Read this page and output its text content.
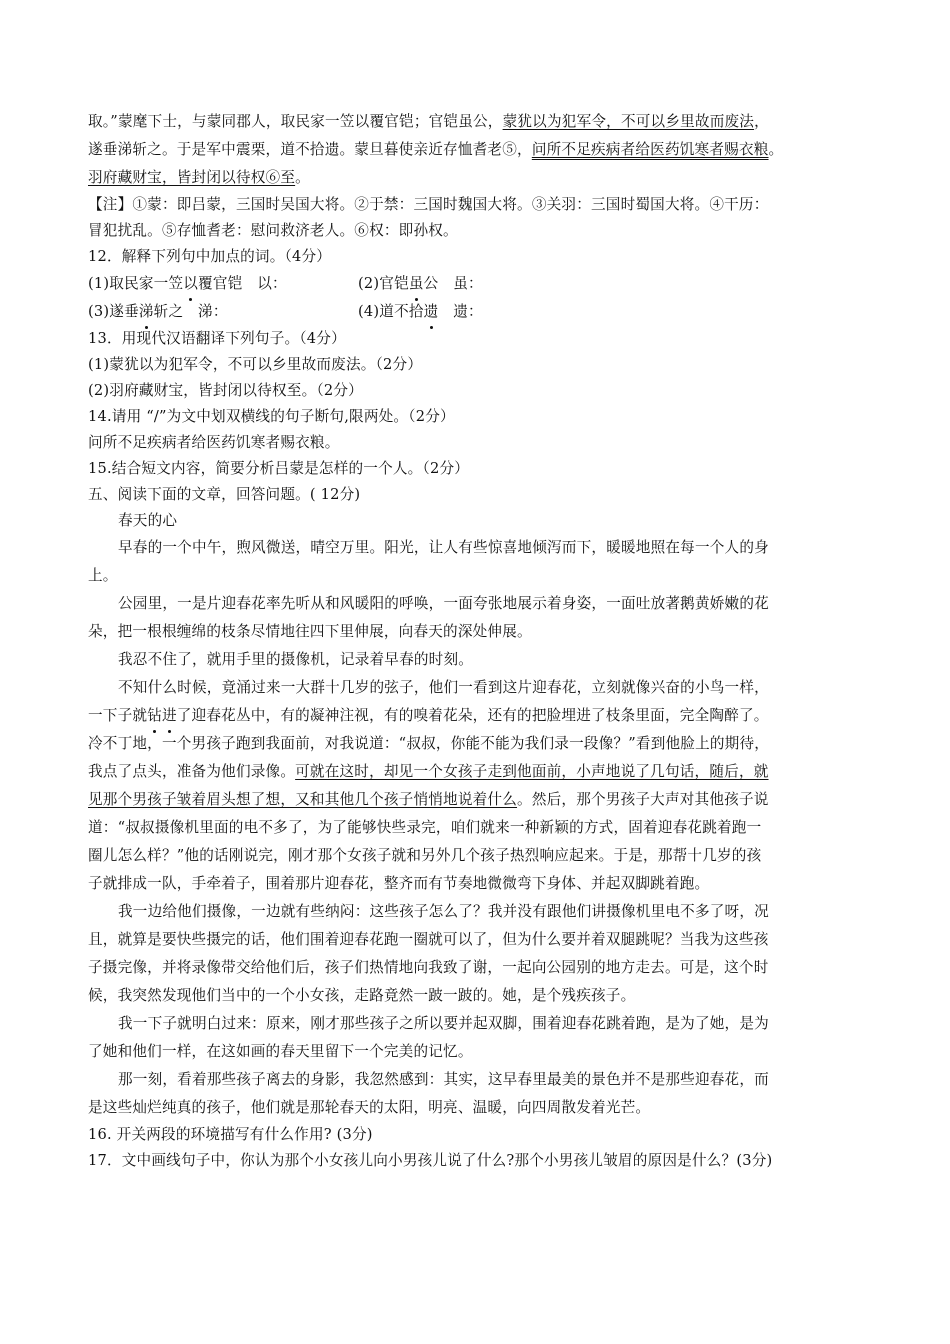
取。”蒙麾下士，与蒙同郡人，取民家一笠以覆官铠；官铠虽公，蒙犹以为犯军令，不可以乡里故而废法，
遂垂涕斩之。于是军中震栗，道不拾遗。蒙旦暮使亲近存恤耆老⑤，问所不足疾病者给医药饥寒者赐衣粮。
羽府藏财宝，皆封闭以待权⑥至。
【注】①蒙：即吕蒙，三国时吴国大将。②于禁：三国时魏国大将。③关羽：三国时蜀国大将。④干历：
冒犯扰乱。⑤存恤耆老：慰问救济老人。⑥权：即孙权。
12．解释下列句中加点的词。（4分）
(1)取民家一笠以覆官铠　以：	(2)官铠虽公　虽：
(3)遂垂涕斩之　涕：	(4)道不拾遗　遗：
13．用现代汉语翻译下列句子。（4分）
(1)蒙犹以为犯军令，不可以乡里故而废法。（2分）
(2)羽府藏财宝，皆封闭以待权至。（2分）
14.请用 “/”为文中划双横线的句子断句,限两处。（2分）
问所不足疾病者给医药饥寒者赐衣粮。
15.结合短文内容，简要分析吕蒙是怎样的一个人。（2分）
五、阅读下面的文章，回答问题。( 12分)
春天的心
早春的一个中午，煦风微送，晴空万里。阳光，让人有些惊喜地倾泻而下，暖暖地照在每一个人的身
上。
公园里，一是片迎春花率先听从和风暖阳的呼唤，一面夸张地展示着身姿，一面吐放著鹅黄娇嫩的花
朵，把一根根缠绵的枝条尽情地往四下里伸展，向春天的深处伸展。
我忍不住了，就用手里的摄像机，记录着早春的时刻。
不知什么时候，竟涌过来一大群十几岁的弦子，他们一看到这片迎春花，立刻就像兴奋的小鸟一样，
一下子就钻进了迎春花丛中，有的凝神注视，有的嗅着花朵，还有的把脸埋进了枝条里面，完全陶醉了。
冷不丁地，一个男孩子跑到我面前，对我说道：“叔叔，你能不能为我们录一段像？”看到他脸上的期待，
我点了点头，准备为他们录像。可就在这时，却见一个女孩子走到他面前，小声地说了几句话，随后，就
见那个男孩子皱着眉头想了想，又和其他几个孩子悄悄地说着什么。然后，那个男孩子大声对其他孩子说
道：“叔叔摄像机里面的电不多了，为了能够快些录完，咱们就来一种新颖的方式，固着迎春花跳着跑一
圈儿怎么样？”他的话刚说完，刚才那个女孩子就和另外几个孩子热烈响应起来。于是，那帮十几岁的孩
子就排成一队，手牵着子，围着那片迎春花，整齐而有节奏地微微弯下身体、并起双脚跳着跑。
我一边给他们摄像，一边就有些纳闷：这些孩子怎么了？我并没有跟他们讲摄像机里电不多了呀，况
且，就算是要快些摄完的话，他们围着迎春花跑一圈就可以了，但为什么要并着双腿跳呢？当我为这些孩
子摄完像，并将录像带交给他们后，孩子们热情地向我致了谢，一起向公园别的地方走去。可是，这个时
候，我突然发现他们当中的一个小女孩，走路竟然一跛一跛的。她，是个残疾孩子。
我一下子就明白过来：原来，刚才那些孩子之所以要并起双脚，围着迎春花跳着跑，是为了她，是为
了她和他们一样，在这如画的春天里留下一个完美的记忆。
那一刻，看着那些孩子离去的身影，我忽然感到：其实，这早春里最美的景色并不是那些迎春花，而
是这些灿烂纯真的孩子，他们就是那轮春天的太阳，明亮、温暖，向四周散发着光芒。
16. 开关两段的环境描写有什么作用? (3分)
17．文中画线句子中，你认为那个小女孩儿向小男孩儿说了什么?那个小男孩儿皱眉的原因是什么？(3分)
